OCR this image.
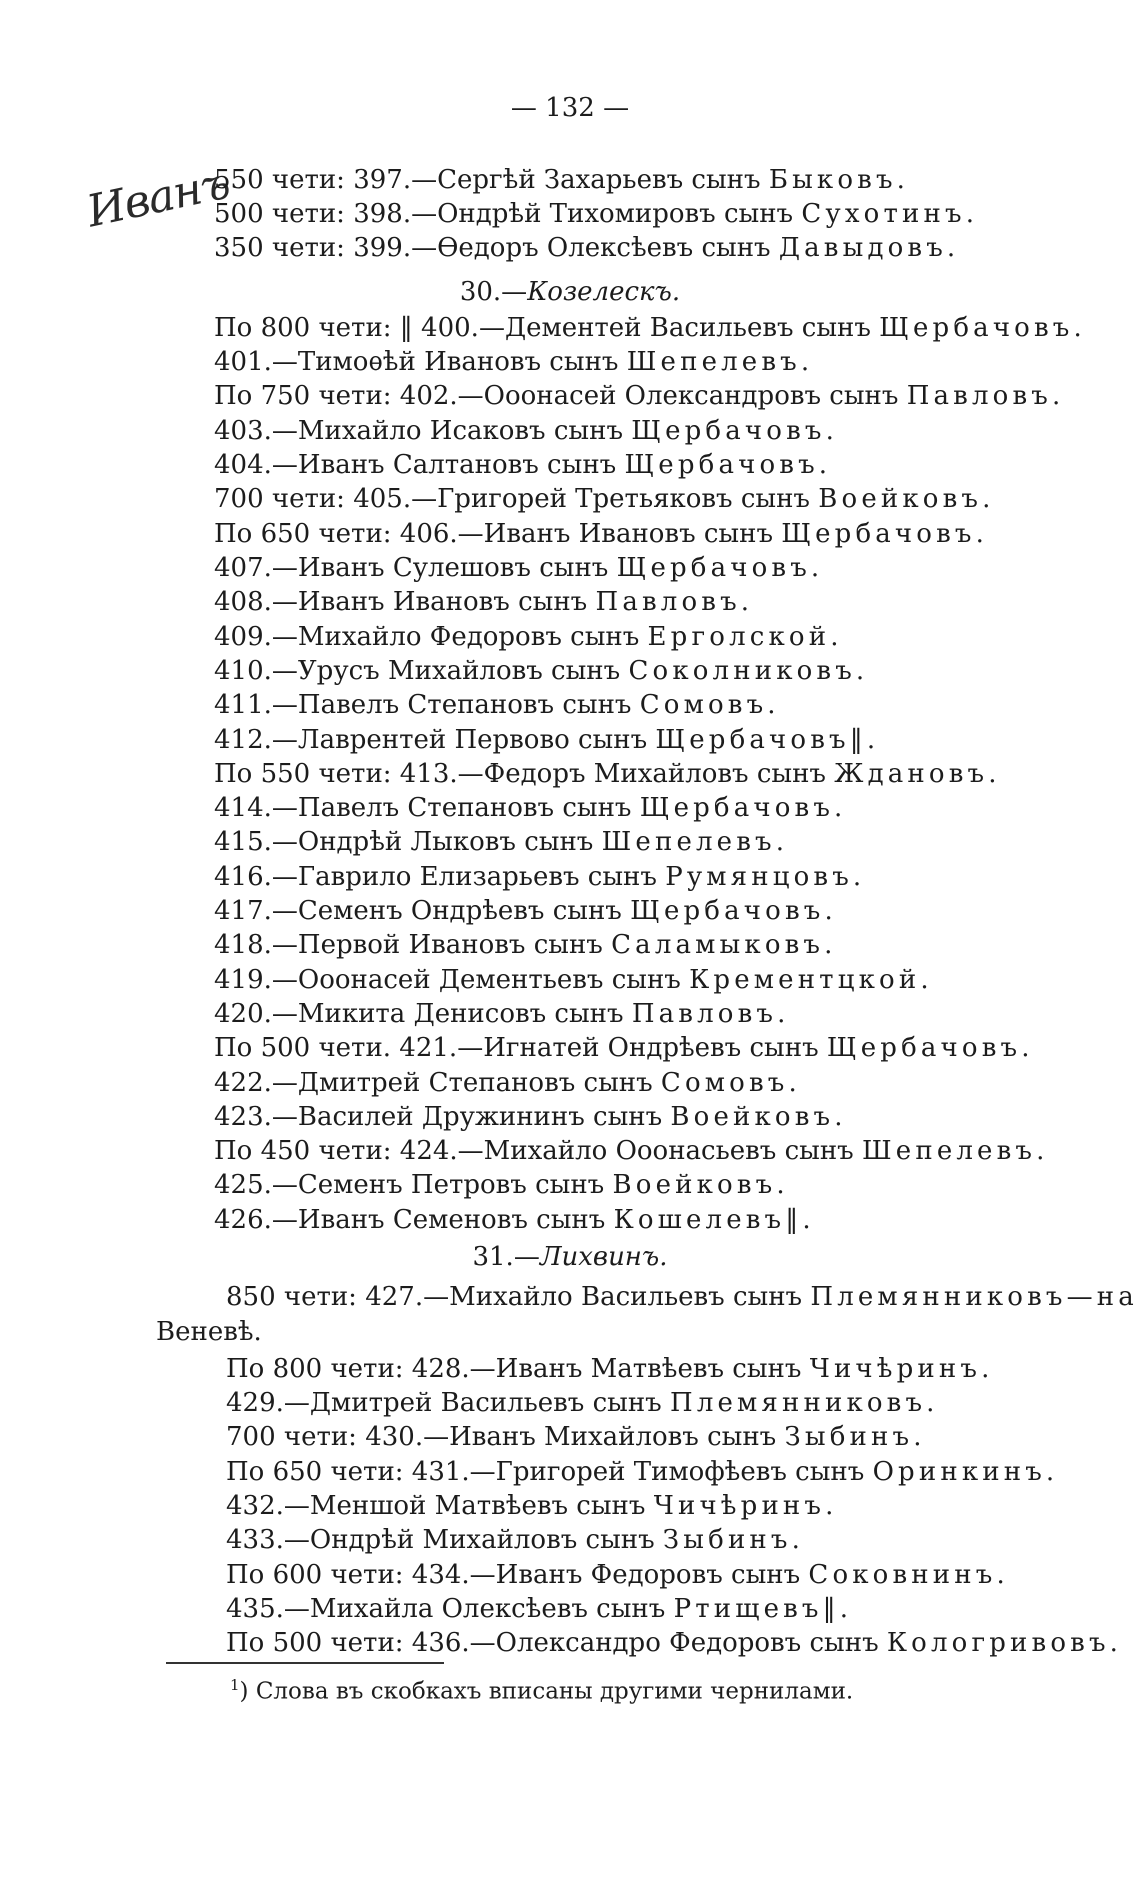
— 132 —
Иванъ
550 чети: 397.—Сергѣй Захарьевъ сынъ Быковъ.
500 чети: 398.—Ондрѣй Тихомировъ сынъ Сухотинъ.
350 чети: 399.—Ѳедоръ Олексѣевъ сынъ Давыдовъ.
30.—Козелескъ.
По 800 чети: ‖ 400.—Дементей Васильевъ сынъ Щербачовъ.
401.—Тимоѳѣй Ивановъ сынъ Шепелевъ.
По 750 чети: 402.—Ооонасей Олександровъ сынъ Павловъ.
403.—Михайло Исаковъ сынъ Щербачовъ.
404.—Иванъ Салтановъ сынъ Щербачовъ.
700 чети: 405.—Григорей Третьяковъ сынъ Воейковъ.
По 650 чети: 406.—Иванъ Ивановъ сынъ Щербачовъ.
407.—Иванъ Сулешовъ сынъ Щербачовъ.
408.—Иванъ Ивановъ сынъ Павловъ.
409.—Михайло Федоровъ сынъ Ерголской.
410.—Урусъ Михайловъ сынъ Соколниковъ.
411.—Павелъ Степановъ сынъ Сомовъ.
412.—Лаврентей Первово сынъ Щербачовъ‖.
По 550 чети: 413.—Федоръ Михайловъ сынъ Ждановъ.
414.—Павелъ Степановъ сынъ Щербачовъ.
415.—Ондрѣй Лыковъ сынъ Шепелевъ.
416.—Гаврило Елизарьевъ сынъ Румянцовъ.
417.—Семенъ Ондрѣевъ сынъ Щербачовъ.
418.—Первой Ивановъ сынъ Саламыковъ.
419.—Ооонасей Дементьевъ сынъ Крементцкой.
420.—Микита Денисовъ сынъ Павловъ.
По 500 чети. 421.—Игнатей Ондрѣевъ сынъ Щербачовъ.
422.—Дмитрей Степановъ сынъ Сомовъ.
423.—Василей Дружининъ сынъ Воейковъ.
По 450 чети: 424.—Михайло Ооонасьевъ сынъ Шепелевъ.
425.—Семенъ Петровъ сынъ Воейковъ.
426.—Иванъ Семеновъ сынъ Кошелевъ‖.
31.—Лихвинъ.
850 чети: 427.—Михайло Васильевъ сынъ Племянниковъ—на
Веневѣ.
По 800 чети: 428.—Иванъ Матвѣевъ сынъ Чичѣринъ.
429.—Дмитрей Васильевъ сынъ Племянниковъ.
700 чети: 430.—Иванъ Михайловъ сынъ Зыбинъ.
По 650 чети: 431.—Григорей Тимофѣевъ сынъ Оринкинъ.
432.—Меншой Матвѣевъ сынъ Чичѣринъ.
433.—Ондрѣй Михайловъ сынъ Зыбинъ.
По 600 чети: 434.—Иванъ Федоровъ сынъ Соковнинъ.
435.—Михайла Олексѣевъ сынъ Ртищевъ‖.
По 500 чети: 436.—Олександро Федоровъ сынъ Кологривовъ.
$^1$) Слова въ скобкахъ вписаны другими чернилами.
